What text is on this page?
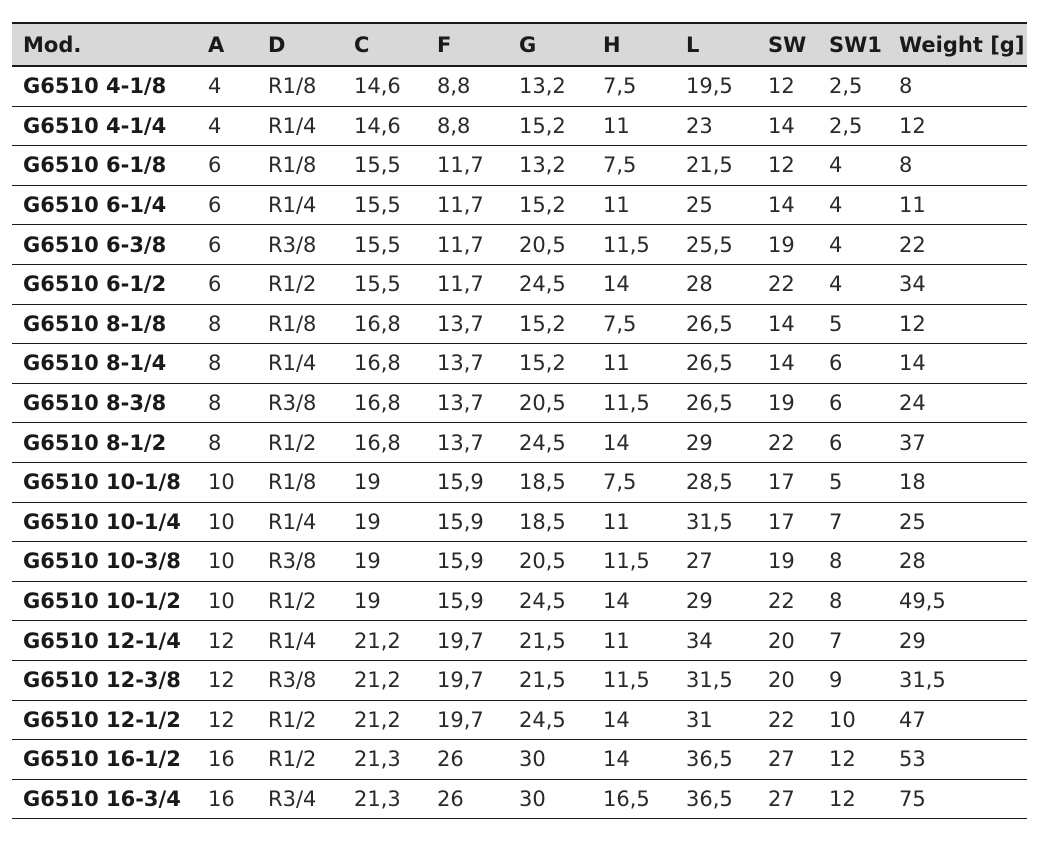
Mod.	A	D	C	F	G	H	L	SW	SW1	Weight [g]
G6510 4-1/8	4	R1/8	14,6	8,8	13,2	7,5	19,5	12	2,5	8
G6510 4-1/4	4	R1/4	14,6	8,8	15,2	11	23	14	2,5	12
G6510 6-1/8	6	R1/8	15,5	11,7	13,2	7,5	21,5	12	4	8
G6510 6-1/4	6	R1/4	15,5	11,7	15,2	11	25	14	4	11
G6510 6-3/8	6	R3/8	15,5	11,7	20,5	11,5	25,5	19	4	22
G6510 6-1/2	6	R1/2	15,5	11,7	24,5	14	28	22	4	34
G6510 8-1/8	8	R1/8	16,8	13,7	15,2	7,5	26,5	14	5	12
G6510 8-1/4	8	R1/4	16,8	13,7	15,2	11	26,5	14	6	14
G6510 8-3/8	8	R3/8	16,8	13,7	20,5	11,5	26,5	19	6	24
G6510 8-1/2	8	R1/2	16,8	13,7	24,5	14	29	22	6	37
G6510 10-1/8	10	R1/8	19	15,9	18,5	7,5	28,5	17	5	18
G6510 10-1/4	10	R1/4	19	15,9	18,5	11	31,5	17	7	25
G6510 10-3/8	10	R3/8	19	15,9	20,5	11,5	27	19	8	28
G6510 10-1/2	10	R1/2	19	15,9	24,5	14	29	22	8	49,5
G6510 12-1/4	12	R1/4	21,2	19,7	21,5	11	34	20	7	29
G6510 12-3/8	12	R3/8	21,2	19,7	21,5	11,5	31,5	20	9	31,5
G6510 12-1/2	12	R1/2	21,2	19,7	24,5	14	31	22	10	47
G6510 16-1/2	16	R1/2	21,3	26	30	14	36,5	27	12	53
G6510 16-3/4	16	R3/4	21,3	26	30	16,5	36,5	27	12	75
